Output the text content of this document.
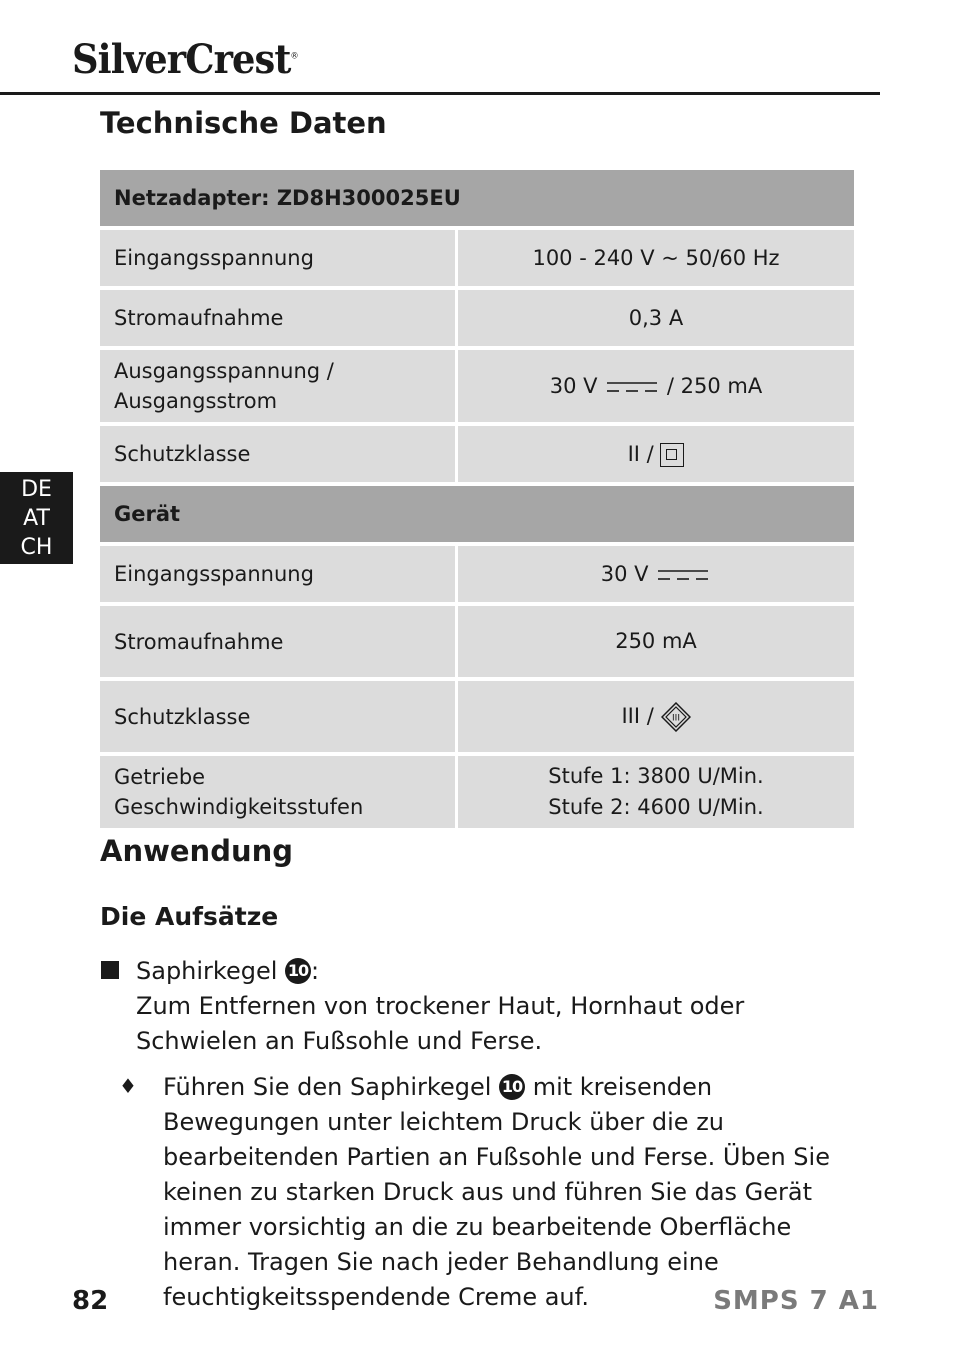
SilverCrest®
Technische Daten
DE
AT
CH
Netzadapter: ZD8H300025EU	
Eingangsspannung	100 - 240 V ~ 50/60 Hz
Stromaufnahme	0,3 A
Ausgangsspannung /
Ausgangsstrom	30 V / 250 mA
Schutzklasse	II /
Gerät	
Eingangsspannung	30 V
Stromaufnahme	250 mA
Schutzklasse	III / III

Getriebe Geschwindigkeitsstufen	Stufe 1: 3800 U/Min.
Stufe 2: 4600 U/Min.
Anwendung
Die Aufsätze

Saphirkegel 10 :

Zum Entfernen von trockener Haut, Hornhaut oder Schwielen an Fußsohle und Ferse.

♦ Führen Sie den Saphirkegel 10 mit kreisenden Bewegungen unter leichtem Druck über die zu bearbeitenden Partien an Fußsohle und Ferse. Üben Sie keinen zu starken Druck aus und führen Sie das Gerät immer vorsichtig an die zu bearbeitende Oberfläche heran. Tragen Sie nach jeder Behandlung eine feuchtigkeitsspendende Creme auf.

82	SMPS 7 A1
